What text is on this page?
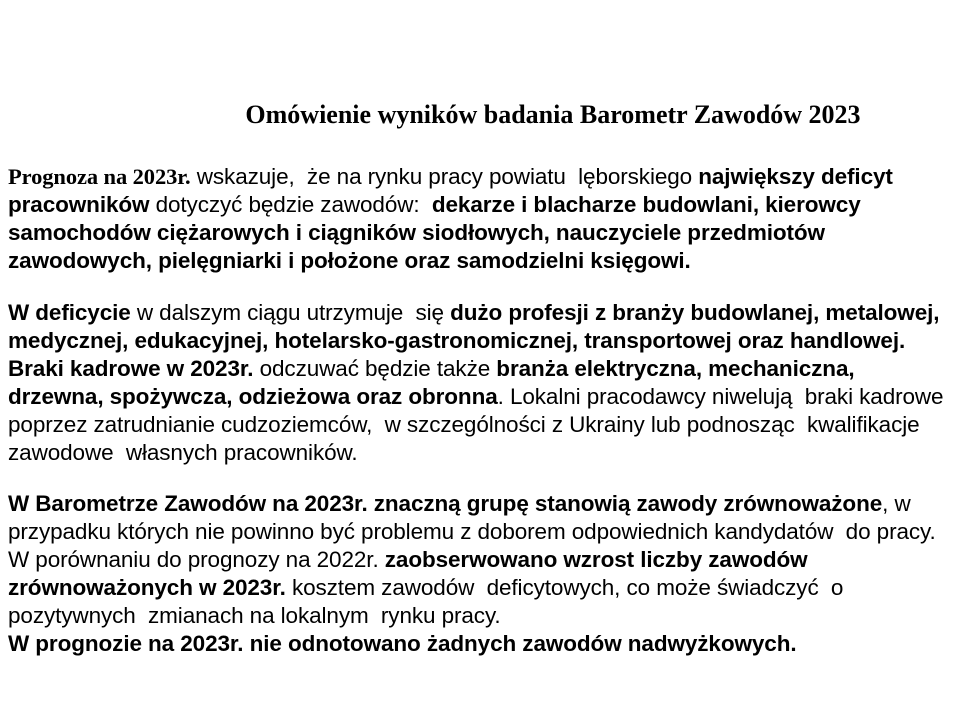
Omówienie wyników badania Barometr Zawodów 2023
Prognoza na 2023r. wskazuje,  że na rynku pracy powiatu  lęborskiego największy deficyt
pracowników dotyczyć będzie zawodów:  dekarze i blacharze budowlani, kierowcy
samochodów ciężarowych i ciągników siodłowych, nauczyciele przedmiotów
zawodowych, pielęgniarki i położone oraz samodzielni księgowi.
W deficycie w dalszym ciągu utrzymuje  się dużo profesji z branży budowlanej, metalowej,
medycznej, edukacyjnej, hotelarsko-gastronomicznej, transportowej oraz handlowej.
Braki kadrowe w 2023r. odczuwać będzie także branża elektryczna, mechaniczna,
drzewna, spożywcza, odzieżowa oraz obronna. Lokalni pracodawcy niwelują  braki kadrowe
poprzez zatrudnianie cudzoziemców,  w szczególności z Ukrainy lub podnosząc  kwalifikacje
zawodowe  własnych pracowników.
W Barometrze Zawodów na 2023r. znaczną grupę stanowią zawody zrównoważone, w
przypadku których nie powinno być problemu z doborem odpowiednich kandydatów  do pracy.
W porównaniu do prognozy na 2022r. zaobserwowano wzrost liczby zawodów
zrównoważonych w 2023r. kosztem zawodów  deficytowych, co może świadczyć  o
pozytywnych  zmianach na lokalnym  rynku pracy.
W prognozie na 2023r. nie odnotowano żadnych zawodów nadwyżkowych.
